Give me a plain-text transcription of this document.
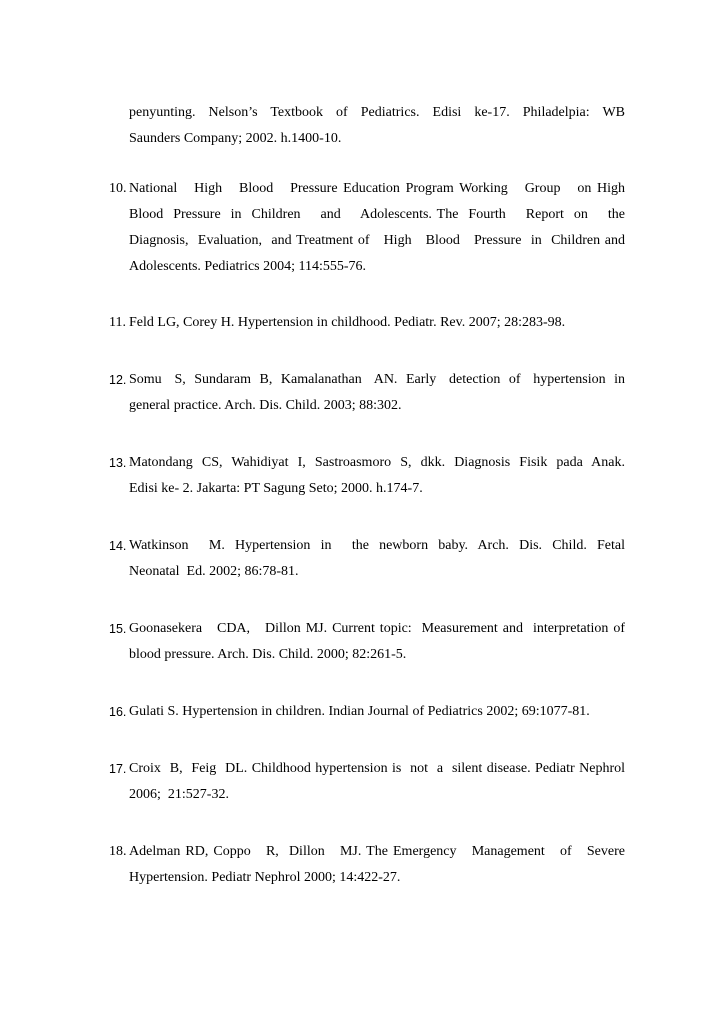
penyunting.  Nelson’s  Textbook  of  Pediatrics.  Edisi  ke-17.  Philadelpia:  WB
Saunders Company; 2002. h.1400-10.
10. National   High   Blood   Pressure Education Program Working   Group   on High
Blood  Pressure  in  Children    and    Adolescents. The  Fourth    Report  on    the
Diagnosis,  Evaluation,  and Treatment of   High   Blood   Pressure  in  Children and
Adolescents. Pediatrics 2004; 114:555-76.
11. Feld LG, Corey H. Hypertension in childhood. Pediatr. Rev. 2007; 28:283-98.
12. Somu   S,  Sundaram  B,  Kamalanathan   AN.  Early   detection  of   hypertension  in
general practice. Arch. Dis. Child. 2003; 88:302.
13. Matondang  CS,  Wahidiyat  I,  Sastroasmoro  S,  dkk.  Diagnosis  Fisik  pada  Anak.
Edisi ke- 2. Jakarta: PT Sagung Seto; 2000. h.174-7.
14. Watkinson    M.  Hypertension  in    the  newborn  baby.  Arch.  Dis.  Child.  Fetal
Neonatal  Ed. 2002; 86:78-81.
15. Goonasekera   CDA,   Dillon MJ. Current topic:  Measurement and  interpretation of
blood pressure. Arch. Dis. Child. 2000; 82:261-5.
16. Gulati S. Hypertension in children. Indian Journal of Pediatrics 2002; 69:1077-81.
17. Croix  B,  Feig  DL. Childhood hypertension is  not  a  silent disease. Pediatr Nephrol
2006;  21:527-32.
18. Adelman RD, Coppo   R,  Dillon   MJ. The Emergency   Management   of   Severe
Hypertension. Pediatr Nephrol 2000; 14:422-27.
